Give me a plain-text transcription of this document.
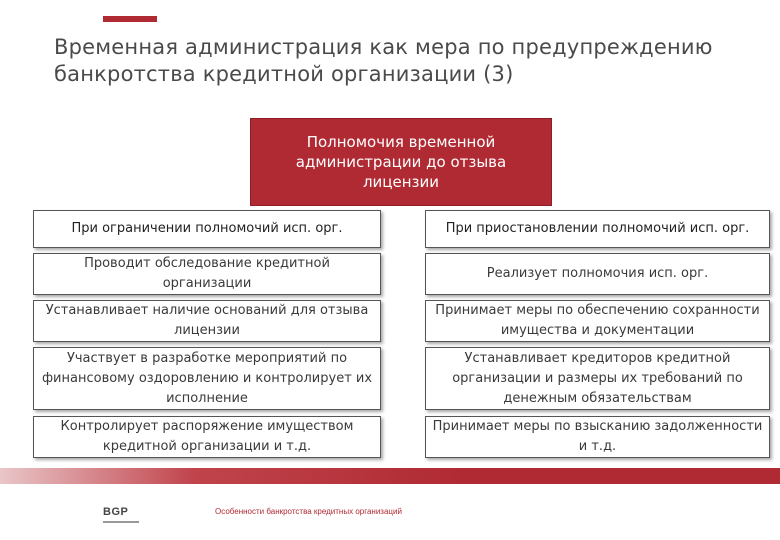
Временная администрация как мера по предупреждению
банкротства кредитной организации (3)
Полномочия временной администрации до отзыва лицензии
При ограничении полномочий исп. орг.	При приостановлении полномочий исп. орг.
Проводит обследование кредитной организации
Устанавливает наличие оснований для отзыва лицензии
Участвует в разработке мероприятий по финансовому оздоровлению и контролирует их исполнение
Контролирует распоряжение имуществом кредитной организации и т.д.
Реализует полномочия исп. орг.
Принимает меры по обеспечению сохранности имущества и документации
Устанавливает кредиторов кредитной организации и размеры их требований по денежным обязательствам
Принимает меры по взысканию задолженности и т.д.
BGP	Особенности банкротства кредитных организаций
